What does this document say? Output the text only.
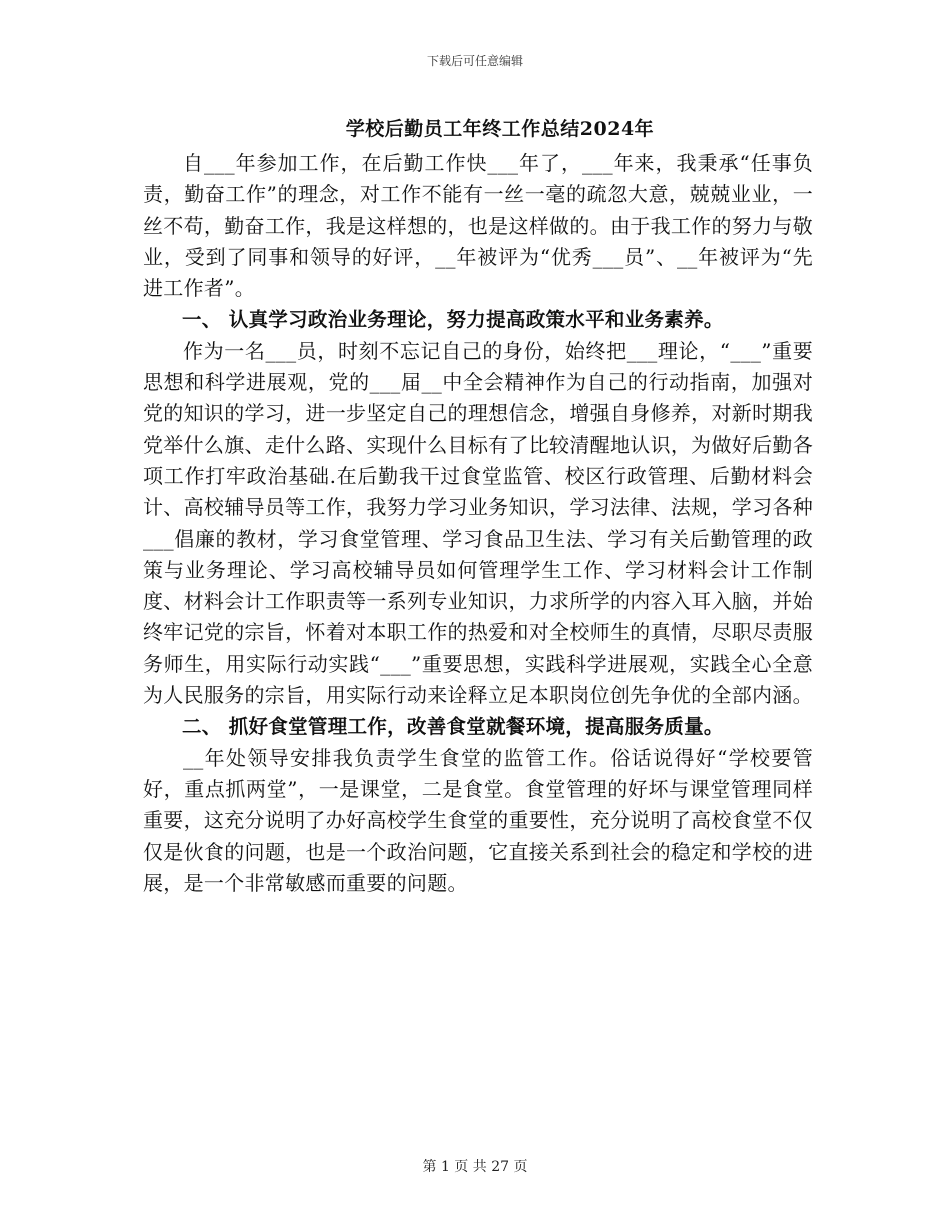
下载后可任意编辑
学校后勤员工年终工作总结2024年

自___年参加工作，在后勤工作快___年了，___年来，我秉承“任事负责，勤奋工作”的理念，对工作不能有一丝一毫的疏忽大意，兢兢业业，一丝不苟，勤奋工作，我是这样想的，也是这样做的。由于我工作的努力与敬业，受到了同事和领导的好评，__年被评为“优秀___员”、__年被评为“先进工作者”。

一、 认真学习政治业务理论，努力提高政策水平和业务素养。

作为一名___员，时刻不忘记自己的身份，始终把___理论，“___”重要思想和科学进展观，党的___届__中全会精神作为自己的行动指南，加强对党的知识的学习，进一步坚定自己的理想信念，增强自身修养，对新时期我党举什么旗、走什么路、实现什么目标有了比较清醒地认识，为做好后勤各项工作打牢政治基础.在后勤我干过食堂监管、校区行政管理、后勤材料会计、高校辅导员等工作，我努力学习业务知识，学习法律、法规，学习各种___倡廉的教材，学习食堂管理、学习食品卫生法、学习有关后勤管理的政策与业务理论、学习高校辅导员如何管理学生工作、学习材料会计工作制度、材料会计工作职责等一系列专业知识，力求所学的内容入耳入脑，并始终牢记党的宗旨，怀着对本职工作的热爱和对全校师生的真情，尽职尽责服务师生，用实际行动实践“___”重要思想，实践科学进展观，实践全心全意为人民服务的宗旨，用实际行动来诠释立足本职岗位创先争优的全部内涵。

二、 抓好食堂管理工作，改善食堂就餐环境，提高服务质量。

__年处领导安排我负责学生食堂的监管工作。俗话说得好“学校要管好，重点抓两堂”，一是课堂，二是食堂。食堂管理的好坏与课堂管理同样重要，这充分说明了办好高校学生食堂的重要性，充分说明了高校食堂不仅仅是伙食的问题，也是一个政治问题，它直接关系到社会的稳定和学校的进展，是一个非常敏感而重要的问题。

第 1 页 共 27 页
